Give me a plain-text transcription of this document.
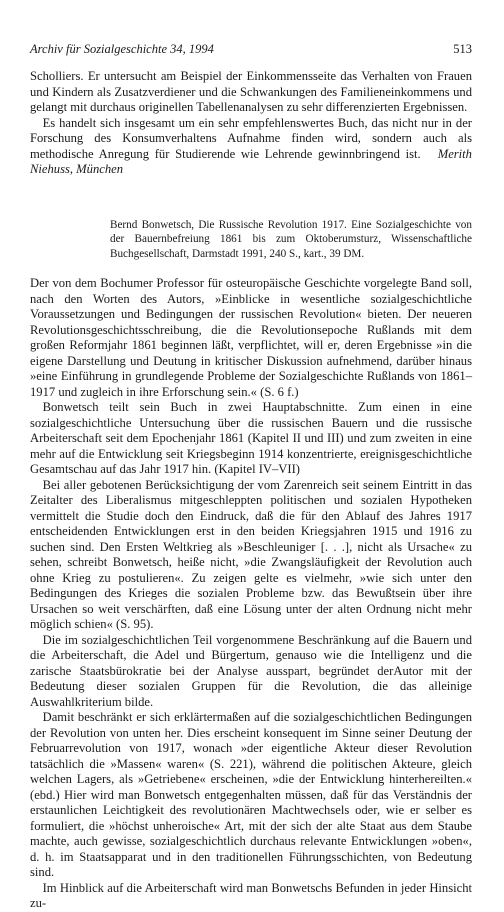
Archiv für Sozialgeschichte 34, 1994	513

Scholliers. Er untersucht am Beispiel der Einkommensseite das Verhalten von Frauen und Kindern als Zusatzverdiener und die Schwankungen des Familieneinkommens und gelangt mit durchaus originellen Tabellenanalysen zu sehr differenzierten Ergebnissen.

Es handelt sich insgesamt um ein sehr empfehlenswertes Buch, das nicht nur in der Forschung des Konsumverhaltens Aufnahme finden wird, sondern auch als methodische Anregung für Studierende wie Lehrende gewinnbringend ist. Merith Niehuss, München

Bernd Bonwetsch, Die Russische Revolution 1917. Eine Sozialgeschichte von der Bauernbefreiung 1861 bis zum Oktoberumsturz, Wissenschaftliche Buchgesellschaft, Darmstadt 1991, 240 S., kart., 39 DM.

Der von dem Bochumer Professor für osteuropäische Geschichte vorgelegte Band soll, nach den Worten des Autors, »Einblicke in wesentliche sozialgeschichtliche Voraussetzungen und Bedingungen der russischen Revolution« bieten. Der neueren Revolutionsgeschichtsschreibung, die die Revolutionsepoche Rußlands mit dem großen Reformjahr 1861 beginnen läßt, verpflichtet, will er, deren Ergebnisse »in die eigene Darstellung und Deutung in kritischer Diskussion aufnehmend, darüber hinaus »eine Einführung in grundlegende Probleme der Sozialgeschichte Rußlands von 1861–1917 und zugleich in ihre Erforschung sein.« (S. 6 f.)

Bonwetsch teilt sein Buch in zwei Hauptabschnitte. Zum einen in eine sozialgeschichtliche Untersuchung über die russischen Bauern und die russische Arbeiterschaft seit dem Epochenjahr 1861 (Kapitel II und III) und zum zweiten in eine mehr auf die Entwicklung seit Kriegsbeginn 1914 konzentrierte, ereignisgeschichtliche Gesamtschau auf das Jahr 1917 hin. (Kapitel IV–VII)

Bei aller gebotenen Berücksichtigung der vom Zarenreich seit seinem Eintritt in das Zeitalter des Liberalismus mitgeschleppten politischen und sozialen Hypotheken vermittelt die Studie doch den Eindruck, daß die für den Ablauf des Jahres 1917 entscheidenden Entwicklungen erst in den beiden Kriegsjahren 1915 und 1916 zu suchen sind. Den Ersten Weltkrieg als »Beschleuniger [. . .], nicht als Ursache« zu sehen, schreibt Bonwetsch, heiße nicht, »die Zwangsläufigkeit der Revolution auch ohne Krieg zu postulieren«. Zu zeigen gelte es vielmehr, »wie sich unter den Bedingungen des Krieges die sozialen Probleme bzw. das Bewußtsein über ihre Ursachen so weit verschärften, daß eine Lösung unter der alten Ordnung nicht mehr möglich schien« (S. 95).

Die im sozialgeschichtlichen Teil vorgenommene Beschränkung auf die Bauern und die Arbeiterschaft, die Adel und Bürgertum, genauso wie die Intelligenz und die zarische Staatsbürokratie bei der Analyse ausspart, begründet derAutor mit der Bedeutung dieser sozialen Gruppen für die Revolution, die das alleinige Auswahlkriterium bilde.

Damit beschränkt er sich erklärtermaßen auf die sozialgeschichtlichen Bedingungen der Revolution von unten her. Dies erscheint konsequent im Sinne seiner Deutung der Februarrevolution von 1917, wonach »der eigentliche Akteur dieser Revolution tatsächlich die »Massen« waren« (S. 221), während die politischen Akteure, gleich welchen Lagers, als »Getriebene« erscheinen, »die der Entwicklung hinterhereilten.« (ebd.) Hier wird man Bonwetsch entgegenhalten müssen, daß für das Verständnis der erstaunlichen Leichtigkeit des revolutionären Machtwechsels oder, wie er selber es formuliert, die »höchst unheroische« Art, mit der sich der alte Staat aus dem Staube machte, auch gewisse, sozialgeschichtlich durchaus relevante Entwicklungen »oben«, d. h. im Staatsapparat und in den traditionellen Führungsschichten, von Bedeutung sind.

Im Hinblick auf die Arbeiterschaft wird man Bonwetschs Befunden in jeder Hinsicht zu-
